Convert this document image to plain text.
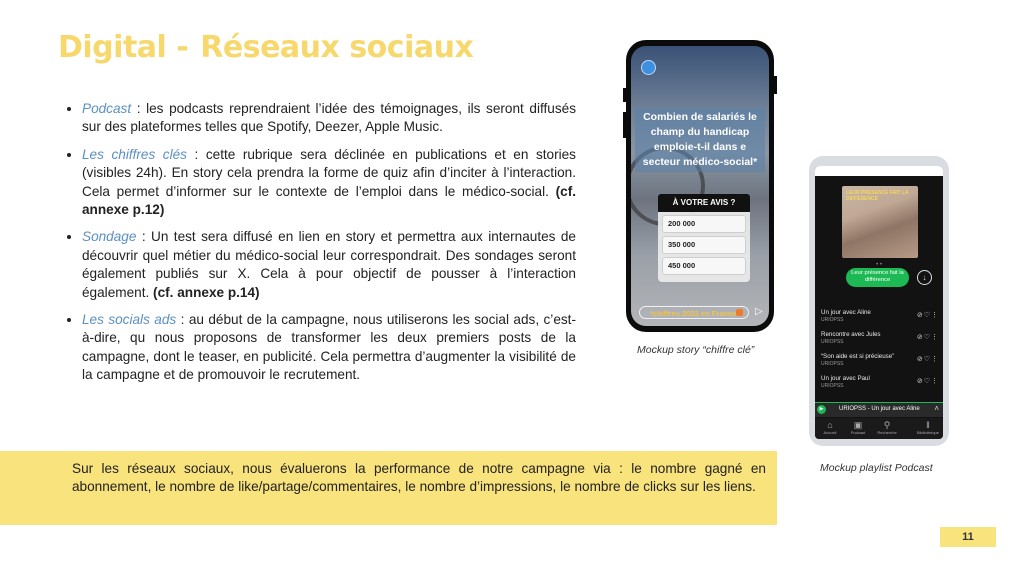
Digital - Réseaux sociaux
• Podcast : les podcasts reprendraient l’idée des témoignages, ils seront diffusés sur des plateformes telles que Spotify, Deezer, Apple Music.
• Les chiffres clés : cette rubrique sera déclinée en publications et en stories (visibles 24h). En story cela prendra la forme de quiz afin d’inciter à l’interaction. Cela permet d’informer sur le contexte de l’emploi dans le médico-social. (cf. annexe p.12)
• Sondage : Un test sera diffusé en lien en story et permettra aux internautes de découvrir quel métier du médico-social leur correspondrait. Des sondages seront également publiés sur X. Cela à pour objectif de pousser à l’interaction également. (cf. annexe p.14)
• Les socials ads : au début de la campagne, nous utiliserons les social ads, c’est-à-dire, qu nous proposons de transformer les deux premiers posts de la campagne, dont le teaser, en publicité. Cela permettra d’augmenter la visibilité de la campagne et de promouvoir le recrutement.
Combien de salariés le champ du handicap emploie-t-il dans e secteur médico-social*
À VOTRE AVIS ?
200 000
350 000
450 000
*chiffres 2022 en France	▷
Mockup story “chiffre clé”
LEUR PRÉSENCE FAIT LA DIFFÉRENCE
• •
Leur présence fait la différence	↓
Un jour avec Aline
URIOPSS
⊘♡⋮
Rencontre avec Jules
URIOPSS
⊘♡⋮
“Son aide est si précieuse”
URIOPSS
⊘♡⋮
Un jour avec Paul
URIOPSS
⊘♡⋮
▶	URIOPSS - Un jour avec Aline ˄
⌂
Accueil
▣
Podcast
⚲
Recherche
‖
Bibliothèque
Mockup playlist Podcast

Sur les réseaux sociaux, nous évaluerons la performance de notre campagne via : le nombre gagné en abonnement, le nombre de like/partage/commentaires, le nombre d’impressions, le nombre de clicks sur les liens.

11
